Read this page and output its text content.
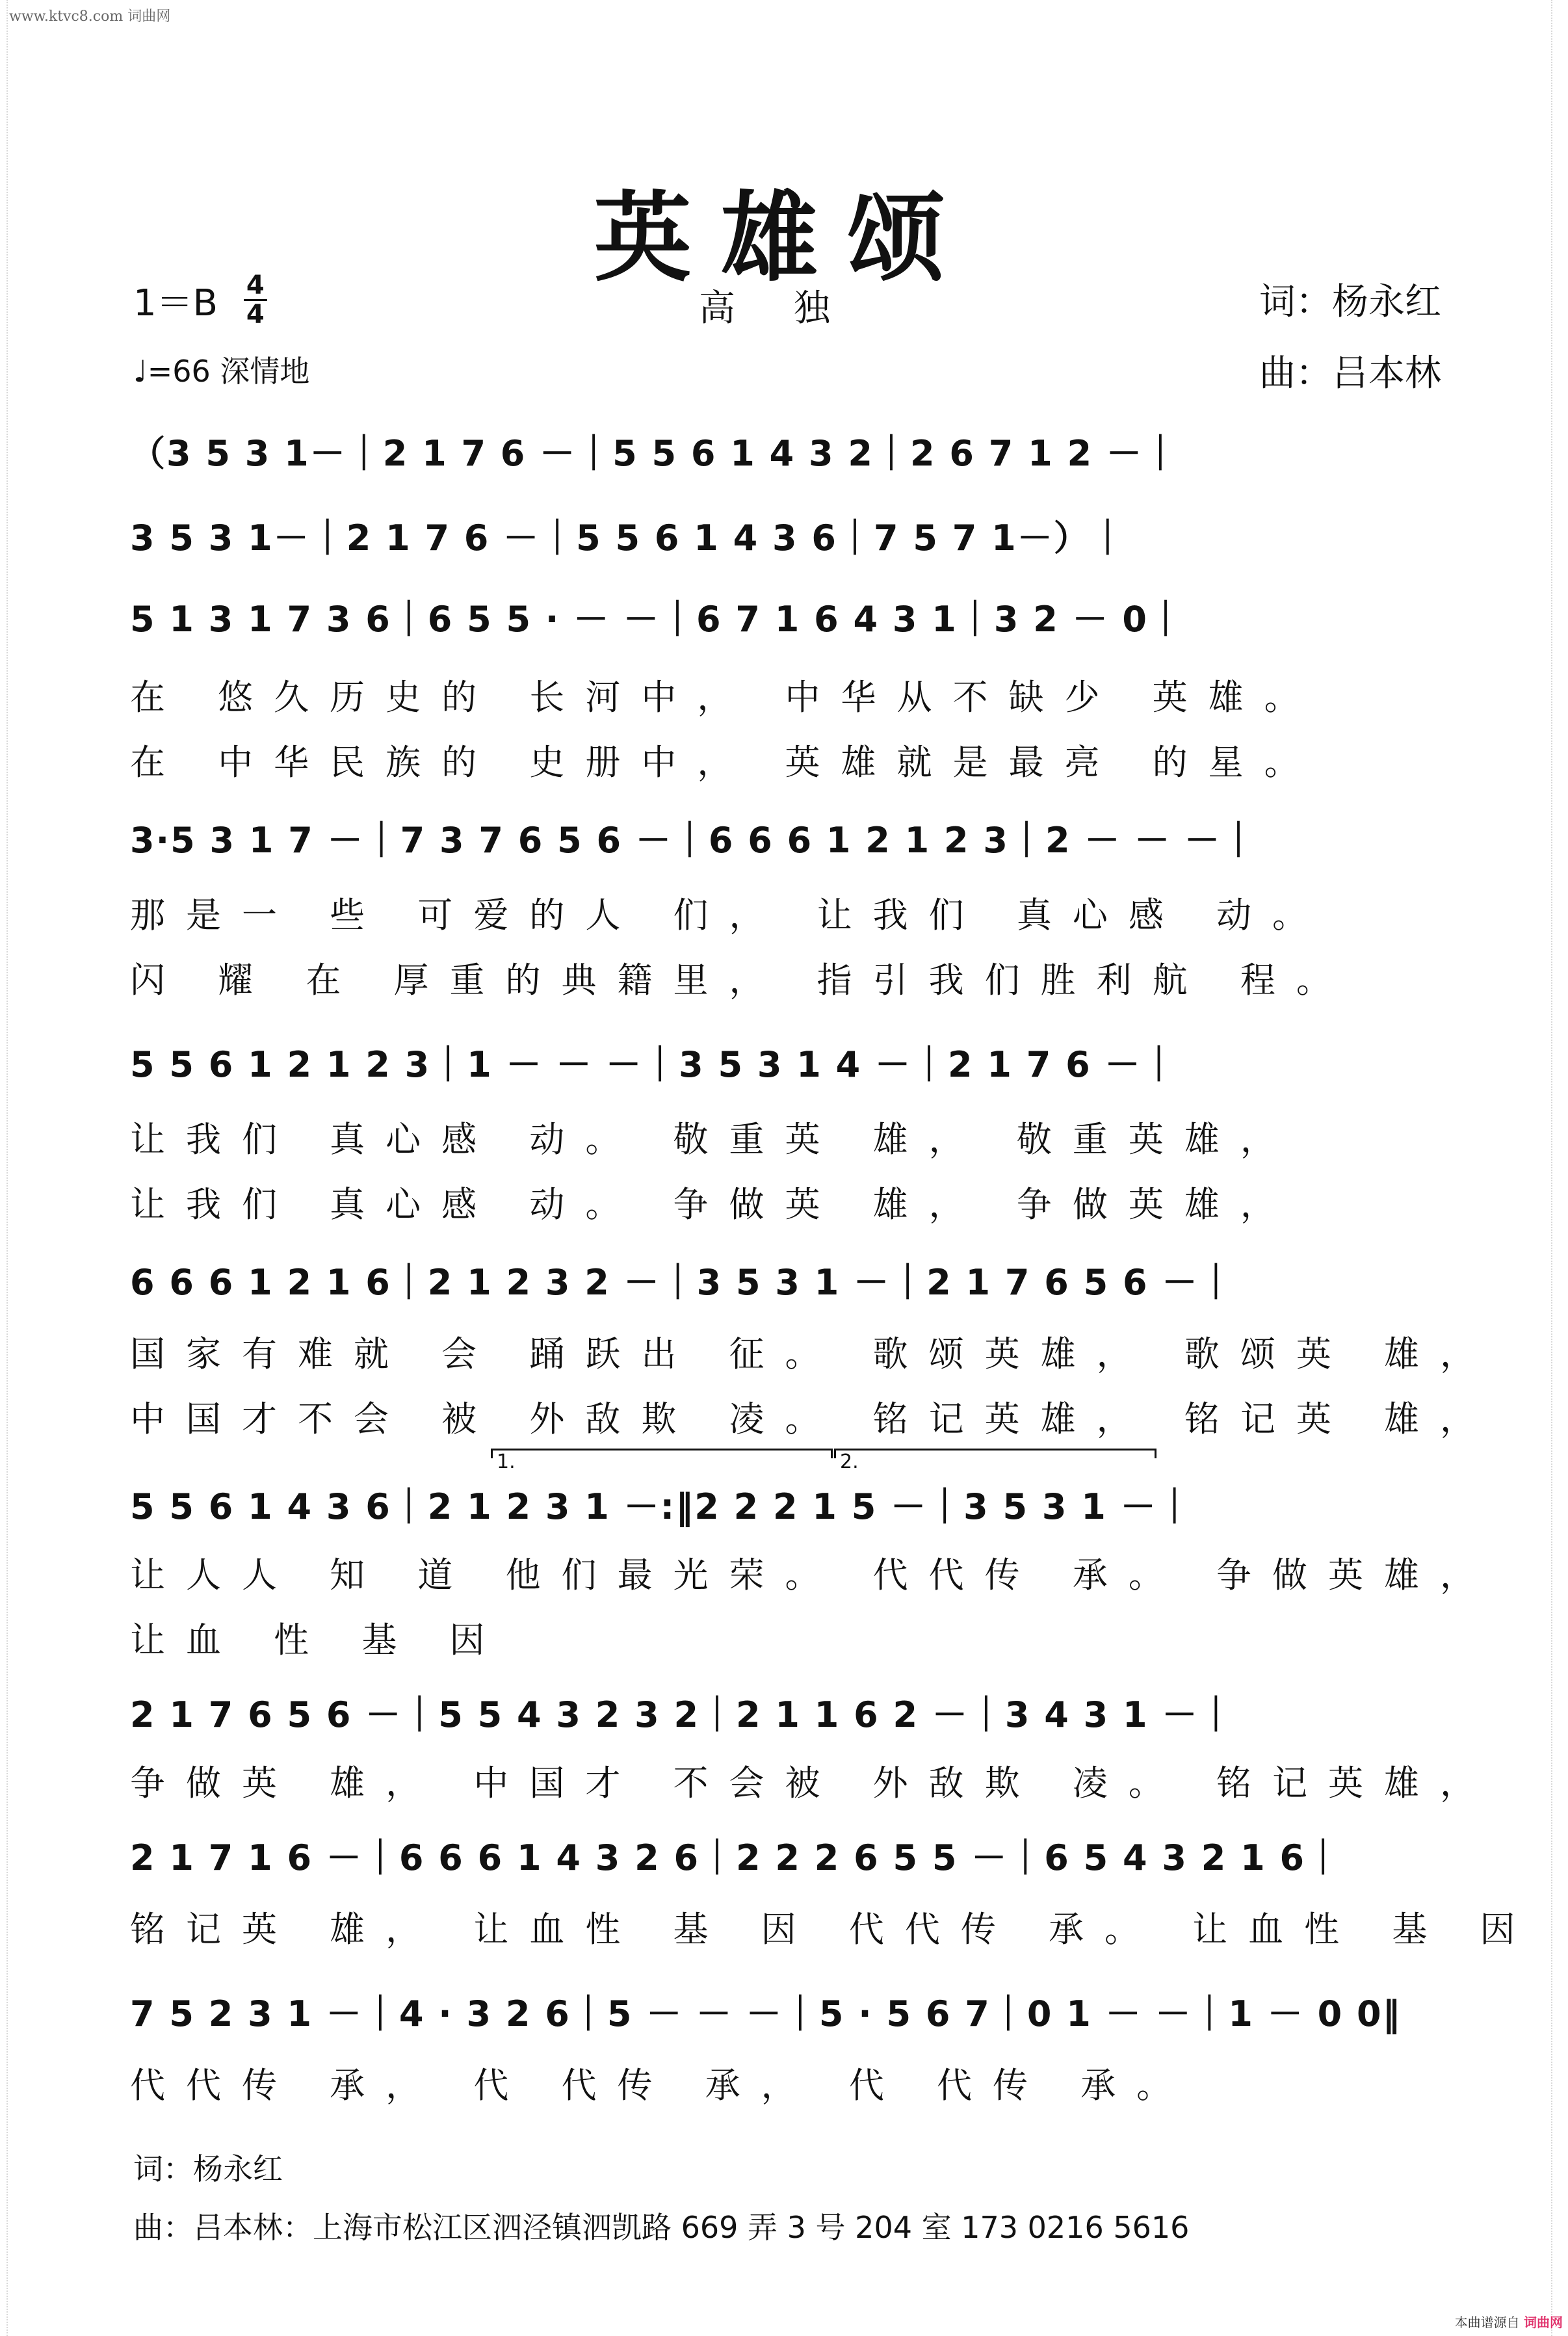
www.ktvc8.com 词曲网
英雄颂
$1=B \frac{4}{4}$	高独	词：杨永红
♩=66 深情地	曲：吕本林
（3 5 3 1－｜2 1 7 6 －｜5 5 6 1 4 3 2｜2 6 7 1 2 －｜
3 5 3 1－｜2 1 7 6 －｜5 5 6 1 4 3 6｜7 5 7 1－）｜
5 1 3 1 7 3 6｜6 5 5 · － －｜6 7 1 6 4 3 1｜3 2 － 0｜
在 悠久历史的 长河中， 中华从不缺少 英雄。
在 中华民族的 史册中， 英雄就是最亮 的星。
3·5 3 1 7 －｜7 3 7 6 5 6 －｜6 6 6 1 2 1 2 3｜2 － － －｜
那是一 些 可爱的人 们， 让我们 真心感 动。
闪 耀 在 厚重的典籍里， 指引我们胜利航 程。
5 5 6 1 2 1 2 3｜1 － － －｜3 5 3 1 4 －｜2 1 7 6 －｜
让我们 真心感 动。 敬重英 雄， 敬重英雄，
让我们 真心感 动。 争做英 雄， 争做英雄，
6 6 6 1 2 1 6｜2 1 2 3 2 －｜3 5 3 1 －｜2 1 7 6 5 6 －｜
国家有难就 会 踊跃出 征。 歌颂英雄， 歌颂英 雄，
中国才不会 被 外敌欺 凌。 铭记英雄， 铭记英 雄，
1.	2.
5 5 6 1 4 3 6｜2 1 2 3 1 －:‖2 2 2 1 5 －｜3 5 3 1 －｜
让人人 知 道 他们最光荣。 代代传 承。 争做英雄，
让血 性 基 因
2 1 7 6 5 6 －｜5 5 4 3 2 3 2｜2 1 1 6 2 －｜3 4 3 1 －｜
争做英 雄， 中国才 不会被 外敌欺 凌。 铭记英雄，
2 1 7 1 6 －｜6 6 6 1 4 3 2 6｜2 2 2 6 5 5 －｜6 5 4 3 2 1 6｜
铭记英 雄， 让血性 基 因 代代传 承。 让血性 基 因
7 5 2 3 1 －｜4 · 3 2 6｜5 － － －｜5 · 5 6 7｜0 1 － －｜1 － 0 0‖
代代传 承， 代 代传 承， 代 代传 承。
词：杨永红
曲：吕本林：上海市松江区泗泾镇泗凯路 669 弄 3 号 204 室 173 0216 5616
本曲谱源自 词曲网
